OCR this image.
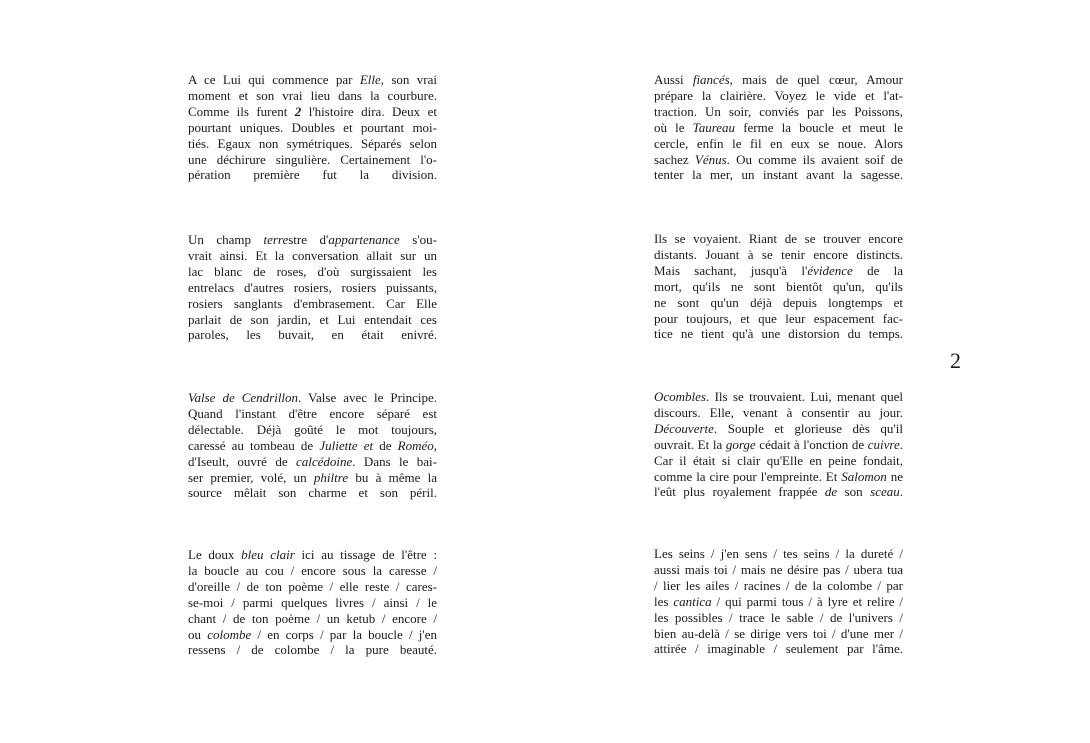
A ce Lui qui commence par Elle, son vrai
moment et son vrai lieu dans la courbure.
Comme ils furent 2 l'histoire dira. Deux et
pourtant uniques. Doubles et pourtant moi-
tiés. Egaux non symétriques. Séparés selon
une déchirure singulière. Certainement l'o-
pération première fut la division.
Un champ terrestre d'appartenance s'ou-
vrait ainsi. Et la conversation allait sur un
lac blanc de roses, d'où surgissaient les
entrelacs d'autres rosiers, rosiers puissants,
rosiers sanglants d'embrasement. Car Elle
parlait de son jardin, et Lui entendait ces
paroles, les buvait, en était enivré.
Valse de Cendrillon. Valse avec le Principe.
Quand l'instant d'être encore séparé est
délectable. Déjà goûté le mot toujours,
caressé au tombeau de Juliette et de Roméo,
d'Iseult, ouvré de calcédoine. Dans le bai-
ser premier, volé, un philtre bu à même la
source mêlait son charme et son péril.
Le doux bleu clair ici au tissage de l'être :
la boucle au cou / encore sous la caresse /
d'oreille / de ton poème / elle reste / cares-
se-moi / parmi quelques livres / ainsi / le
chant / de ton poème / un ketub / encore /
ou colombe / en corps / par la boucle / j'en
ressens / de colombe / la pure beauté.
Aussi fiancés, mais de quel cœur, Amour
prépare la clairière. Voyez le vide et l'at-
traction. Un soir, conviés par les Poissons,
où le Taureau ferme la boucle et meut le
cercle, enfin le fil en eux se noue. Alors
sachez Vénus. Ou comme ils avaient soif de
tenter la mer, un instant avant la sagesse.
Ils se voyaient. Riant de se trouver encore
distants. Jouant à se tenir encore distincts.
Mais sachant, jusqu'à l'évidence de la
mort, qu'ils ne sont bientôt qu'un, qu'ils
ne sont qu'un déjà depuis longtemps et
pour toujours, et que leur espacement fac-
tice ne tient qu'à une distorsion du temps.
Ocombles. Ils se trouvaient. Lui, menant quel
discours. Elle, venant à consentir au jour.
Découverte. Souple et glorieuse dès qu'il
ouvrait. Et la gorge cédait à l'onction de cuivre.
Car il était si clair qu'Elle en peine fondait,
comme la cire pour l'empreinte. Et Salomon ne
l'eût plus royalement frappée de son sceau.
Les seins / j'en sens / tes seins / la dureté /
aussi mais toi / mais ne désire pas / ubera tua
/ lier les ailes / racines / de la colombe / par
les cantica / qui parmi tous / à lyre et relire /
les possibles / trace le sable / de l'univers /
bien au-delà / se dirige vers toi / d'une mer /
attirée / imaginable / seulement par l'âme.
2
